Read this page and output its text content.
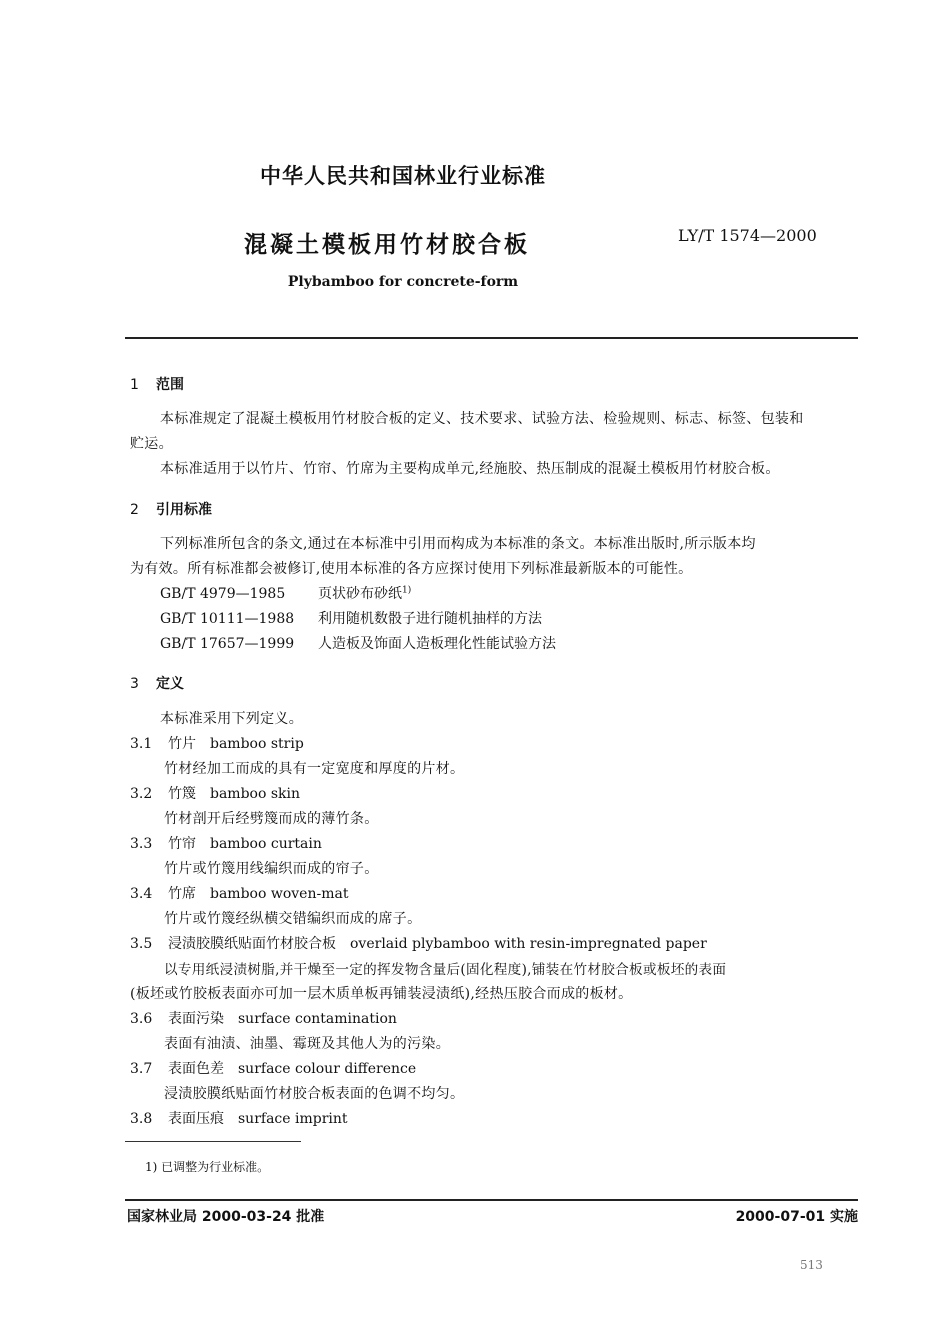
中华人民共和国林业行业标准
混凝土模板用竹材胶合板	LY/T 1574—2000
Plybamboo for concrete-form
1 范围
本标准规定了混凝土模板用竹材胶合板的定义、技术要求、试验方法、检验规则、标志、标签、包装和
贮运。
本标准适用于以竹片、竹帘、竹席为主要构成单元,经施胶、热压制成的混凝土模板用竹材胶合板。
2 引用标准
下列标准所包含的条文,通过在本标准中引用而构成为本标准的条文。本标准出版时,所示版本均
为有效。所有标准都会被修订,使用本标准的各方应探讨使用下列标准最新版本的可能性。
GB/T 4979—1985 页状砂布砂纸$^{1)}$
GB/T 10111—1988 利用随机数骰子进行随机抽样的方法
GB/T 17657—1999 人造板及饰面人造板理化性能试验方法
3 定义
本标准采用下列定义。
3.1 竹片 bamboo strip
竹材经加工而成的具有一定宽度和厚度的片材。
3.2 竹篾 bamboo skin
竹材剖开后经劈篾而成的薄竹条。
3.3 竹帘 bamboo curtain
竹片或竹篾用线编织而成的帘子。
3.4 竹席 bamboo woven-mat
竹片或竹篾经纵横交错编织而成的席子。
3.5 浸渍胶膜纸贴面竹材胶合板 overlaid plybamboo with resin-impregnated paper
以专用纸浸渍树脂,并干燥至一定的挥发物含量后(固化程度),铺装在竹材胶合板或板坯的表面
(板坯或竹胶板表面亦可加一层木质单板再铺装浸渍纸),经热压胶合而成的板材。
3.6 表面污染 surface contamination
表面有油渍、油墨、霉斑及其他人为的污染。
3.7 表面色差 surface colour difference
浸渍胶膜纸贴面竹材胶合板表面的色调不均匀。
3.8 表面压痕 surface imprint
1) 已调整为行业标准。
国家林业局 2000-03-24 批准	2000-07-01 实施
513
